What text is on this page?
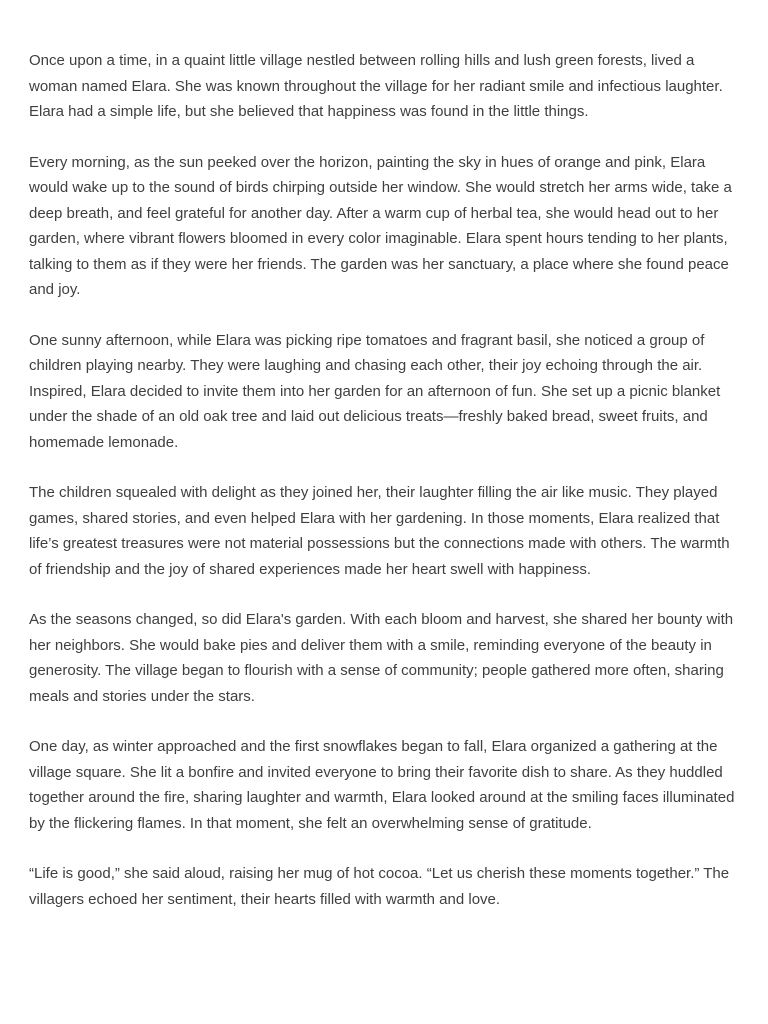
Once upon a time, in a quaint little village nestled between rolling hills and lush green forests, lived a woman named Elara. She was known throughout the village for her radiant smile and infectious laughter. Elara had a simple life, but she believed that happiness was found in the little things.

Every morning, as the sun peeked over the horizon, painting the sky in hues of orange and pink, Elara would wake up to the sound of birds chirping outside her window. She would stretch her arms wide, take a deep breath, and feel grateful for another day. After a warm cup of herbal tea, she would head out to her garden, where vibrant flowers bloomed in every color imaginable. Elara spent hours tending to her plants, talking to them as if they were her friends. The garden was her sanctuary, a place where she found peace and joy.

One sunny afternoon, while Elara was picking ripe tomatoes and fragrant basil, she noticed a group of children playing nearby. They were laughing and chasing each other, their joy echoing through the air. Inspired, Elara decided to invite them into her garden for an afternoon of fun. She set up a picnic blanket under the shade of an old oak tree and laid out delicious treats—freshly baked bread, sweet fruits, and homemade lemonade.

The children squealed with delight as they joined her, their laughter filling the air like music. They played games, shared stories, and even helped Elara with her gardening. In those moments, Elara realized that life’s greatest treasures were not material possessions but the connections made with others. The warmth of friendship and the joy of shared experiences made her heart swell with happiness.

As the seasons changed, so did Elara's garden. With each bloom and harvest, she shared her bounty with her neighbors. She would bake pies and deliver them with a smile, reminding everyone of the beauty in generosity. The village began to flourish with a sense of community; people gathered more often, sharing meals and stories under the stars.

One day, as winter approached and the first snowflakes began to fall, Elara organized a gathering at the village square. She lit a bonfire and invited everyone to bring their favorite dish to share. As they huddled together around the fire, sharing laughter and warmth, Elara looked around at the smiling faces illuminated by the flickering flames. In that moment, she felt an overwhelming sense of gratitude.

“Life is good,” she said aloud, raising her mug of hot cocoa. “Let us cherish these moments together.” The villagers echoed her sentiment, their hearts filled with warmth and love.
